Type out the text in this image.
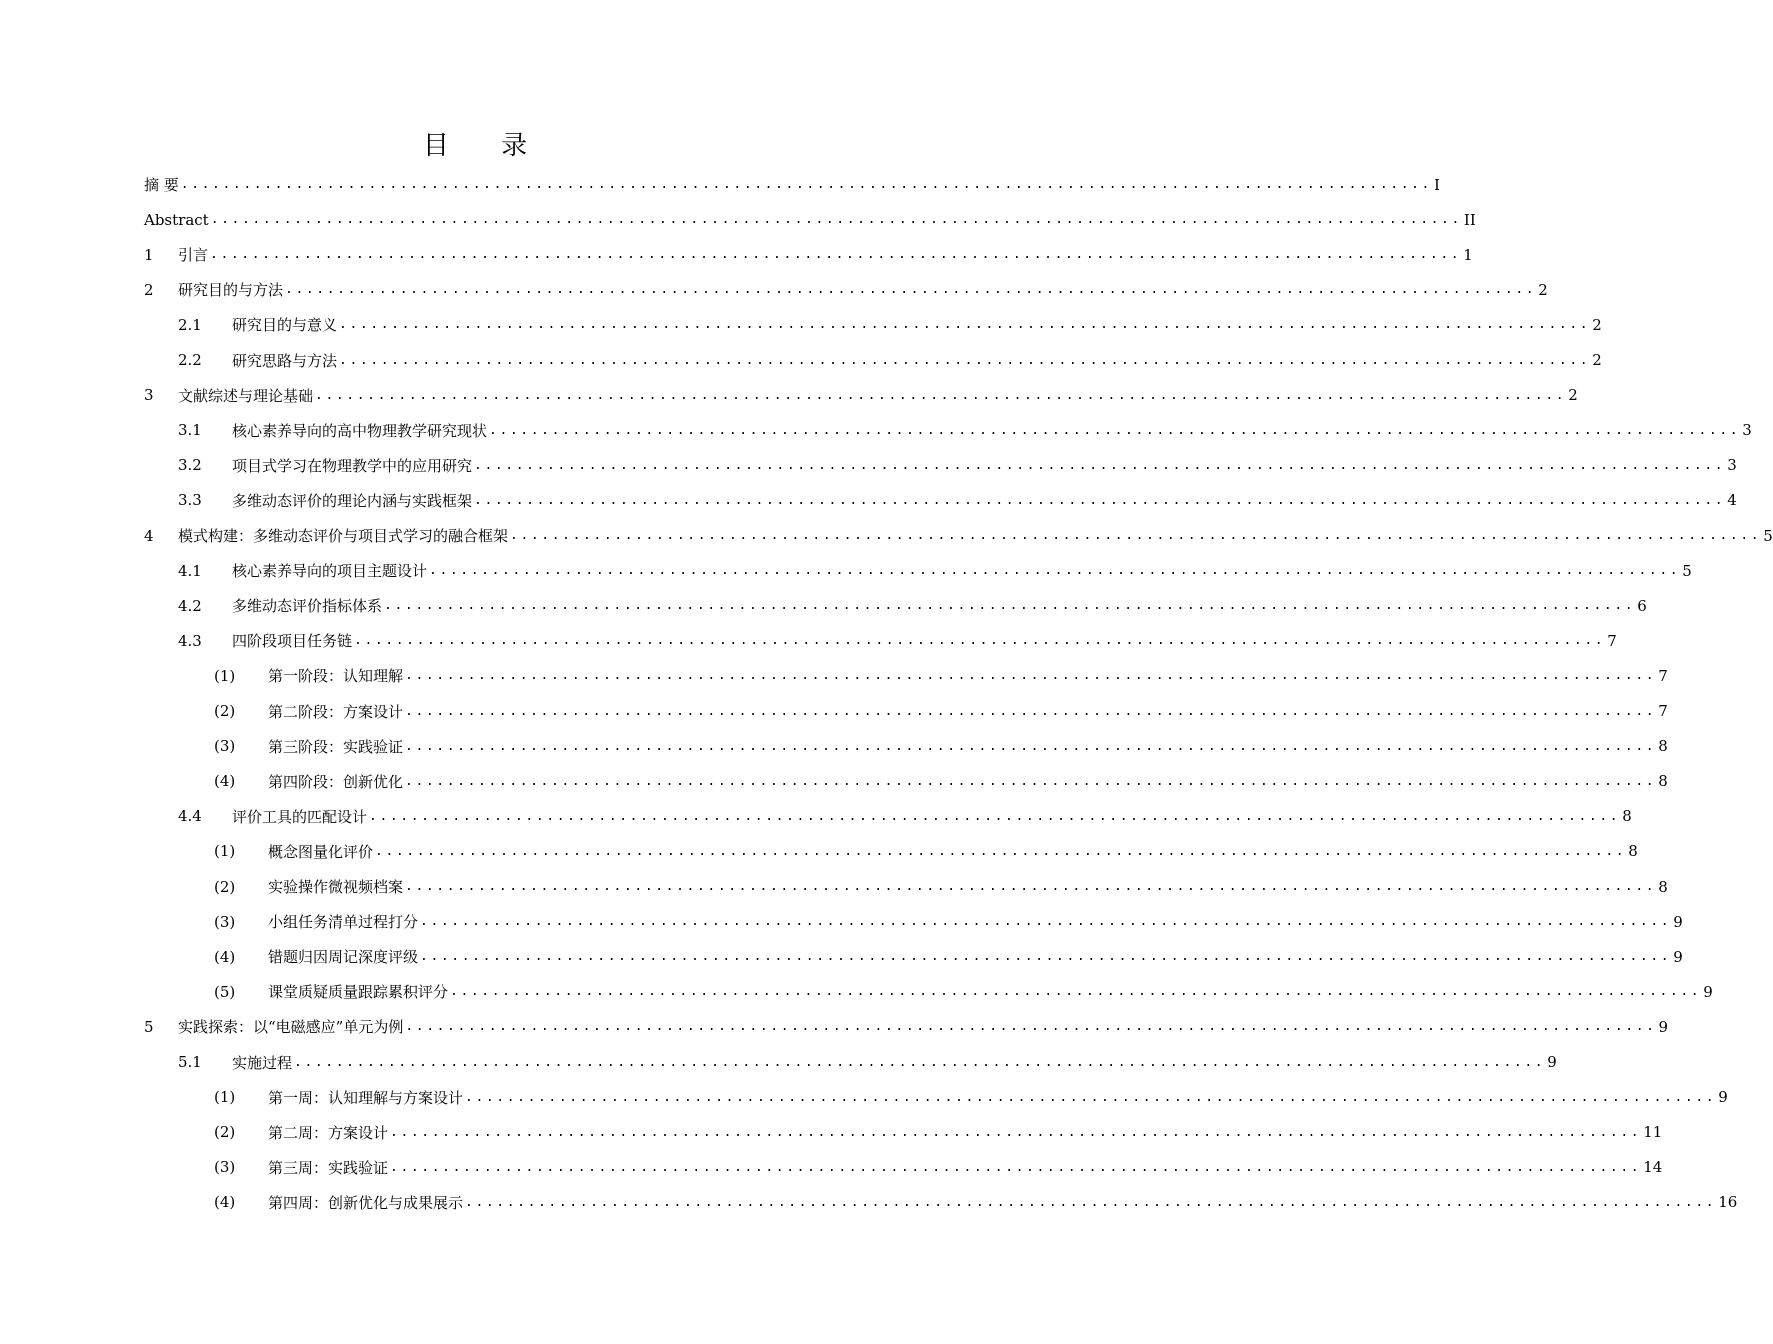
目 录
摘 要 ........................................................................................................................ I
Abstract ........................................................................................................................ II
1 引言 ........................................................................................................................ 1
2 研究目的与方法 ........................................................................................................................ 2
2.1 研究目的与意义 ........................................................................................................................ 2
2.2 研究思路与方法 ........................................................................................................................ 2
3 文献综述与理论基础 ........................................................................................................................ 2
3.1 核心素养导向的高中物理教学研究现状 ........................................................................................................................ 3
3.2 项目式学习在物理教学中的应用研究 ........................................................................................................................ 3
3.3 多维动态评价的理论内涵与实践框架 ........................................................................................................................ 4
4 模式构建：多维动态评价与项目式学习的融合框架 ........................................................................................................................ 5
4.1 核心素养导向的项目主题设计 ........................................................................................................................ 5
4.2 多维动态评价指标体系 ........................................................................................................................ 6
4.3 四阶段项目任务链 ........................................................................................................................ 7
(1) 第一阶段：认知理解 ........................................................................................................................ 7
(2) 第二阶段：方案设计 ........................................................................................................................ 7
(3) 第三阶段：实践验证 ........................................................................................................................ 8
(4) 第四阶段：创新优化 ........................................................................................................................ 8
4.4 评价工具的匹配设计 ........................................................................................................................ 8
(1) 概念图量化评价 ........................................................................................................................ 8
(2) 实验操作微视频档案 ........................................................................................................................ 8
(3) 小组任务清单过程打分 ........................................................................................................................ 9
(4) 错题归因周记深度评级 ........................................................................................................................ 9
(5) 课堂质疑质量跟踪累积评分 ........................................................................................................................ 9
5 实践探索：以“电磁感应”单元为例 ........................................................................................................................ 9
5.1 实施过程 ........................................................................................................................ 9
(1) 第一周：认知理解与方案设计 ........................................................................................................................ 9
(2) 第二周：方案设计 ........................................................................................................................ 11
(3) 第三周：实践验证 ........................................................................................................................ 14
(4) 第四周：创新优化与成果展示 ........................................................................................................................ 16
